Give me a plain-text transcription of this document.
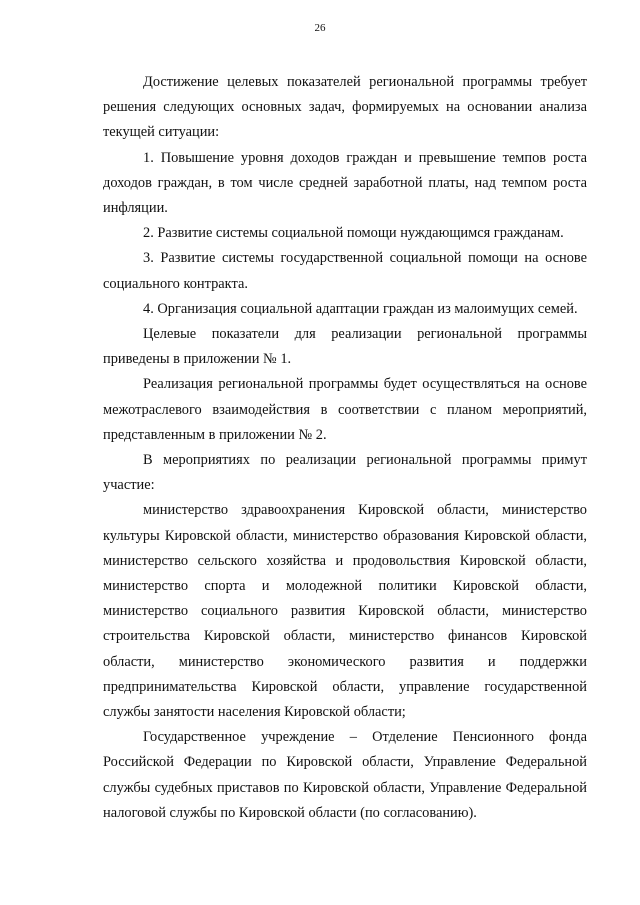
26

Достижение целевых показателей региональной программы требует решения следующих основных задач, формируемых на основании анализа текущей ситуации:

1. Повышение уровня доходов граждан и превышение темпов роста доходов граждан, в том числе средней заработной платы, над темпом роста инфляции.

2. Развитие системы социальной помощи нуждающимся гражданам.

3. Развитие системы государственной социальной помощи на основе социального контракта.

4. Организация социальной адаптации граждан из малоимущих семей.

Целевые показатели для реализации региональной программы приведены в приложении № 1.

Реализация региональной программы будет осуществляться на основе межотраслевого взаимодействия в соответствии с планом мероприятий, представленным в приложении № 2.

В мероприятиях по реализации региональной программы примут участие:

министерство здравоохранения Кировской области, министерство культуры Кировской области, министерство образования Кировской области, министерство сельского хозяйства и продовольствия Кировской области, министерство спорта и молодежной политики Кировской области, министерство социального развития Кировской области, министерство строительства Кировской области, министерство финансов Кировской области, министерство экономического развития и поддержки предпринимательства Кировской области, управление государственной службы занятости населения Кировской области;

Государственное учреждение – Отделение Пенсионного фонда Российской Федерации по Кировской области, Управление Федеральной службы судебных приставов по Кировской области, Управление Федеральной налоговой службы по Кировской области (по согласованию).
